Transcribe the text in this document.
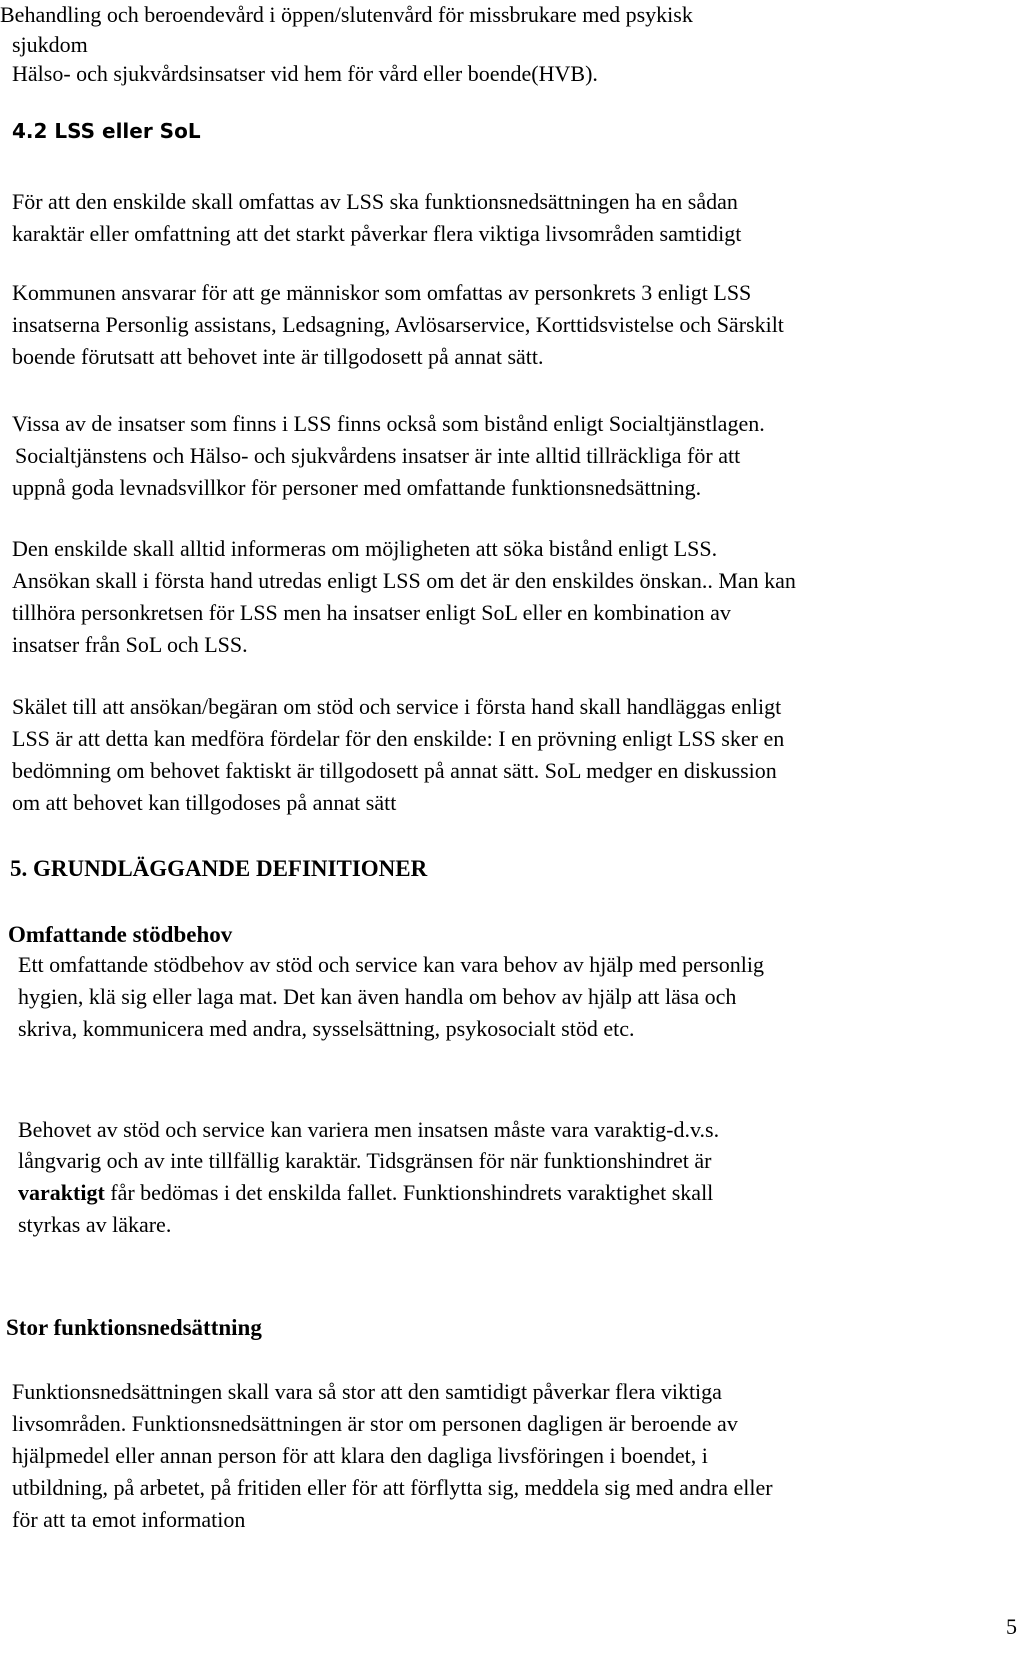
Behandling och beroendevård i öppen/slutenvård för missbrukare med psykisk
sjukdom
Hälso- och sjukvårdsinsatser vid hem för vård eller boende(HVB).
4.2 LSS eller SoL
För att den enskilde skall omfattas av LSS ska funktionsnedsättningen ha en sådan
karaktär eller omfattning att det starkt påverkar flera viktiga livsområden samtidigt
Kommunen ansvarar för att ge människor som omfattas av personkrets 3 enligt LSS
insatserna Personlig assistans, Ledsagning, Avlösarservice, Korttidsvistelse och Särskilt
boende förutsatt att behovet inte är tillgodosett på annat sätt.
Vissa av de insatser som finns i LSS finns också som bistånd enligt Socialtjänstlagen.
Socialtjänstens och Hälso- och sjukvårdens insatser är inte alltid tillräckliga för att
uppnå goda levnadsvillkor för personer med omfattande funktionsnedsättning.
Den enskilde skall alltid informeras om möjligheten att söka bistånd enligt LSS.
Ansökan skall i första hand utredas enligt LSS om det är den enskildes önskan.. Man kan
tillhöra personkretsen för LSS men ha insatser enligt SoL eller en kombination av
insatser från SoL och LSS.
Skälet till att ansökan/begäran om stöd och service i första hand skall handläggas enligt
LSS är att detta kan medföra fördelar för den enskilde: I en prövning enligt LSS sker en
bedömning om behovet faktiskt är tillgodosett på annat sätt. SoL medger en diskussion
om att behovet kan tillgodoses på annat sätt
5. GRUNDLÄGGANDE DEFINITIONER
Omfattande stödbehov
Ett omfattande stödbehov av stöd och service kan vara behov av hjälp med personlig
hygien, klä sig eller laga mat. Det kan även handla om behov av hjälp att läsa och
skriva, kommunicera med andra, sysselsättning, psykosocialt stöd etc.
Behovet av stöd och service kan variera men insatsen måste vara varaktig-d.v.s.
långvarig och av inte tillfällig karaktär. Tidsgränsen för när funktionshindret är
varaktigt får bedömas i det enskilda fallet. Funktionshindrets varaktighet skall
styrkas av läkare.
Stor funktionsnedsättning
Funktionsnedsättningen skall vara så stor att den samtidigt påverkar flera viktiga
livsområden. Funktionsnedsättningen är stor om personen dagligen är beroende av
hjälpmedel eller annan person för att klara den dagliga livsföringen i boendet, i
utbildning, på arbetet, på fritiden eller för att förflytta sig, meddela sig med andra eller
för att ta emot information
5
